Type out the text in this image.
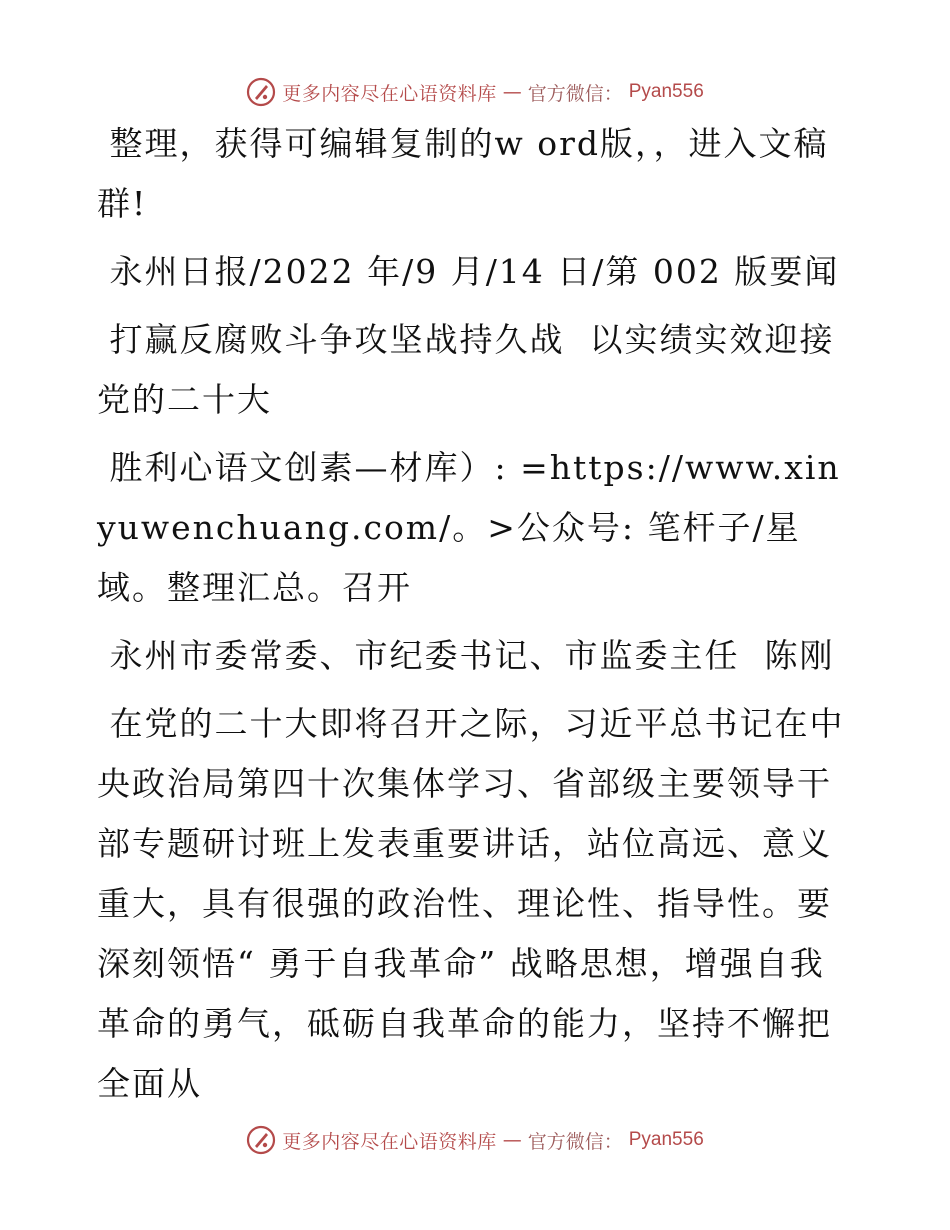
更多内容尽在心语资料库 — 官方微信： Pyan556

整理，获得可编辑复制的w ord版，，进入文稿群!

永州日报/2022 年/9 月/14 日/第 002 版要闻

打赢反腐败斗争攻坚战持久战  以实绩实效迎接党的二十大

胜利心语文创素—材库）: =https://www.xinyuwenchuang.com/。>公众号: 笔杆子/星域。整理汇总。召开

永州市委常委、市纪委书记、市监委主任  陈刚

在党的二十大即将召开之际，习近平总书记在中央政治局第四十次集体学习、省部级主要领导干部专题研讨班上发表重要讲话，站位高远、意义重大，具有很强的政治性、理论性、指导性。要深刻领悟“ 勇于自我革命” 战略思想，增强自我革命的勇气，砥砺自我革命的能力，坚持不懈把全面从

更多内容尽在心语资料库 — 官方微信： Pyan556
